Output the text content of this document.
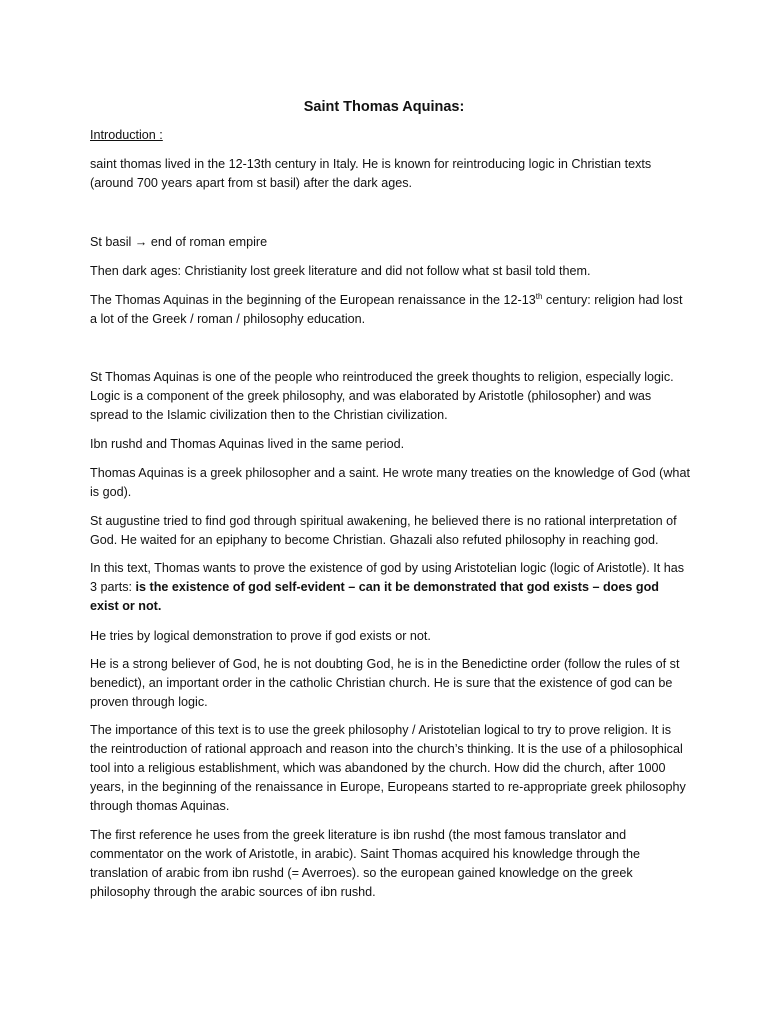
Saint Thomas Aquinas:
Introduction :
saint thomas lived in the 12-13th century in Italy. He is known for reintroducing logic in Christian texts (around 700 years apart from st basil) after the dark ages.
St basil → end of roman empire
Then dark ages: Christianity lost greek literature and did not follow what st basil told them.
The Thomas Aquinas in the beginning of the European renaissance in the 12-13th century: religion had lost a lot of the Greek / roman / philosophy education.
St Thomas Aquinas is one of the people who reintroduced the greek thoughts to religion, especially logic. Logic is a component of the greek philosophy, and was elaborated by Aristotle (philosopher) and was spread to the Islamic civilization then to the Christian civilization.
Ibn rushd and Thomas Aquinas lived in the same period.
Thomas Aquinas is a greek philosopher and a saint. He wrote many treaties on the knowledge of God (what is god).
St augustine tried to find god through spiritual awakening, he believed there is no rational interpretation of God. He waited for an epiphany to become Christian. Ghazali also refuted philosophy in reaching god.
In this text, Thomas wants to prove the existence of god by using Aristotelian logic (logic of Aristotle). It has 3 parts: is the existence of god self-evident – can it be demonstrated that god exists – does god exist or not.
He tries by logical demonstration to prove if god exists or not.
He is a strong believer of God, he is not doubting God, he is in the Benedictine order (follow the rules of st benedict), an important order in the catholic Christian church. He is sure that the existence of god can be proven through logic.
The importance of this text is to use the greek philosophy / Aristotelian logical to try to prove religion. It is the reintroduction of rational approach and reason into the church’s thinking. It is the use of a philosophical tool into a religious establishment, which was abandoned by the church. How did the church, after 1000 years, in the beginning of the renaissance in Europe, Europeans started to re-appropriate greek philosophy through thomas Aquinas.
The first reference he uses from the greek literature is ibn rushd (the most famous translator and commentator on the work of Aristotle, in arabic). Saint Thomas acquired his knowledge through the translation of arabic from ibn rushd (= Averroes). so the european gained knowledge on the greek philosophy through the arabic sources of ibn rushd.
